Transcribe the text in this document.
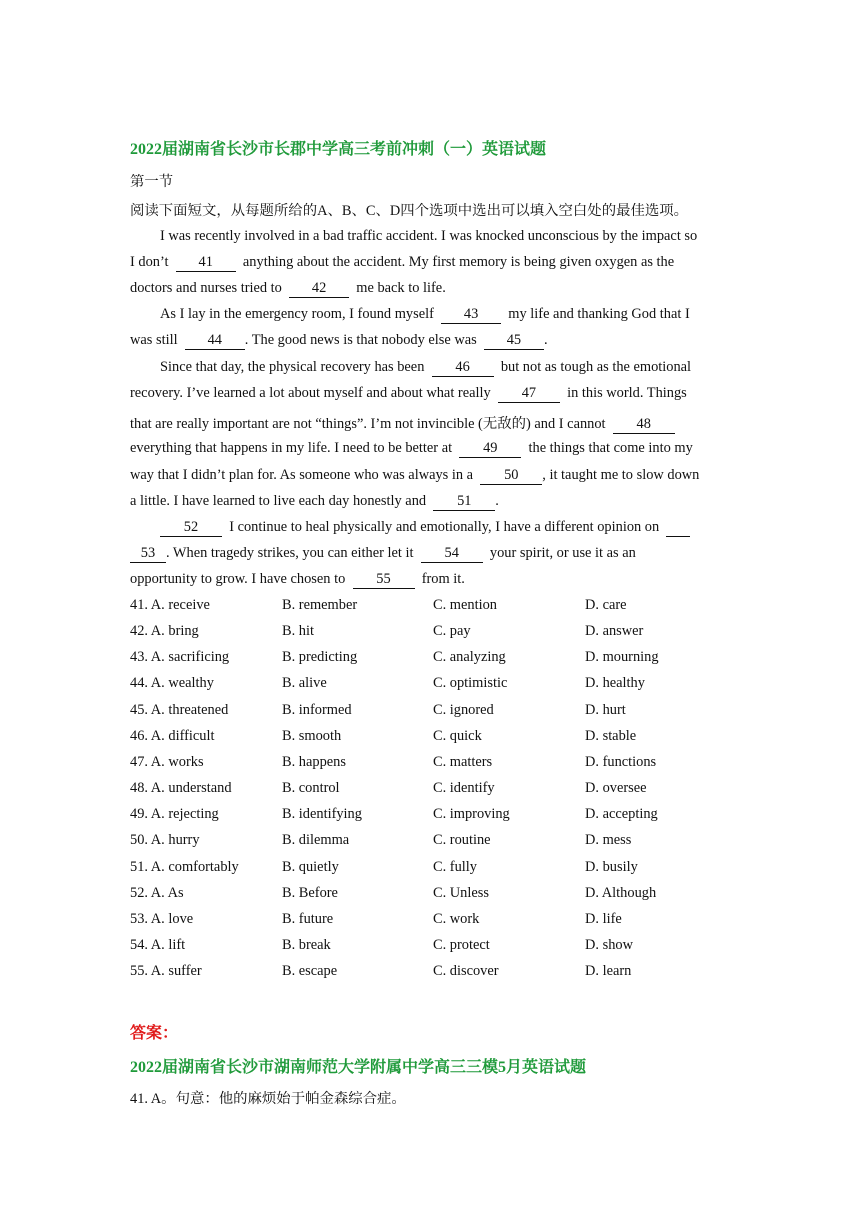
2022届湖南省长沙市长郡中学高三考前冲刺（一）英语试题
第一节
阅读下面短文，从每题所给的A、B、C、D四个选项中选出可以填入空白处的最佳选项。
I was recently involved in a bad traffic accident. I was knocked unconscious by the impact so
I don’t 41 anything about the accident. My first memory is being given oxygen as the
doctors and nurses tried to 42 me back to life.
As I lay in the emergency room, I found myself 43 my life and thanking God that I
was still 44 . The good news is that nobody else was 45 .
Since that day, the physical recovery has been 46 but not as tough as the emotional
recovery. I’ve learned a lot about myself and about what really 47 in this world. Things
that are really important are not “things”. I’m not invincible (无敌的) and I cannot 48
everything that happens in my life. I need to be better at 49 the things that come into my
way that I didn’t plan for. As someone who was always in a 50 , it taught me to slow down
a little. I have learned to live each day honestly and 51 .
52 I continue to heal physically and emotionally, I have a different opinion on
53 . When tragedy strikes, you can either let it 54 your spirit, or use it as an
opportunity to grow. I have chosen to 55 from it.
41. A. receive	B. remember	C. mention	D. care
42. A. bring	B. hit	C. pay	D. answer
43. A. sacrificing	B. predicting	C. analyzing	D. mourning
44. A. wealthy	B. alive	C. optimistic	D. healthy
45. A. threatened	B. informed	C. ignored	D. hurt
46. A. difficult	B. smooth	C. quick	D. stable
47. A. works	B. happens	C. matters	D. functions
48. A. understand	B. control	C. identify	D. oversee
49. A. rejecting	B. identifying	C. improving	D. accepting
50. A. hurry	B. dilemma	C. routine	D. mess
51. A. comfortably	B. quietly	C. fully	D. busily
52. A. As	B. Before	C. Unless	D. Although
53. A. love	B. future	C. work	D. life
54. A. lift	B. break	C. protect	D. show
55. A. suffer	B. escape	C. discover	D. learn
答案：
2022届湖南省长沙市湖南师范大学附属中学高三三模5月英语试题
41. A。句意：他的麻烦始于帕金森综合症。
